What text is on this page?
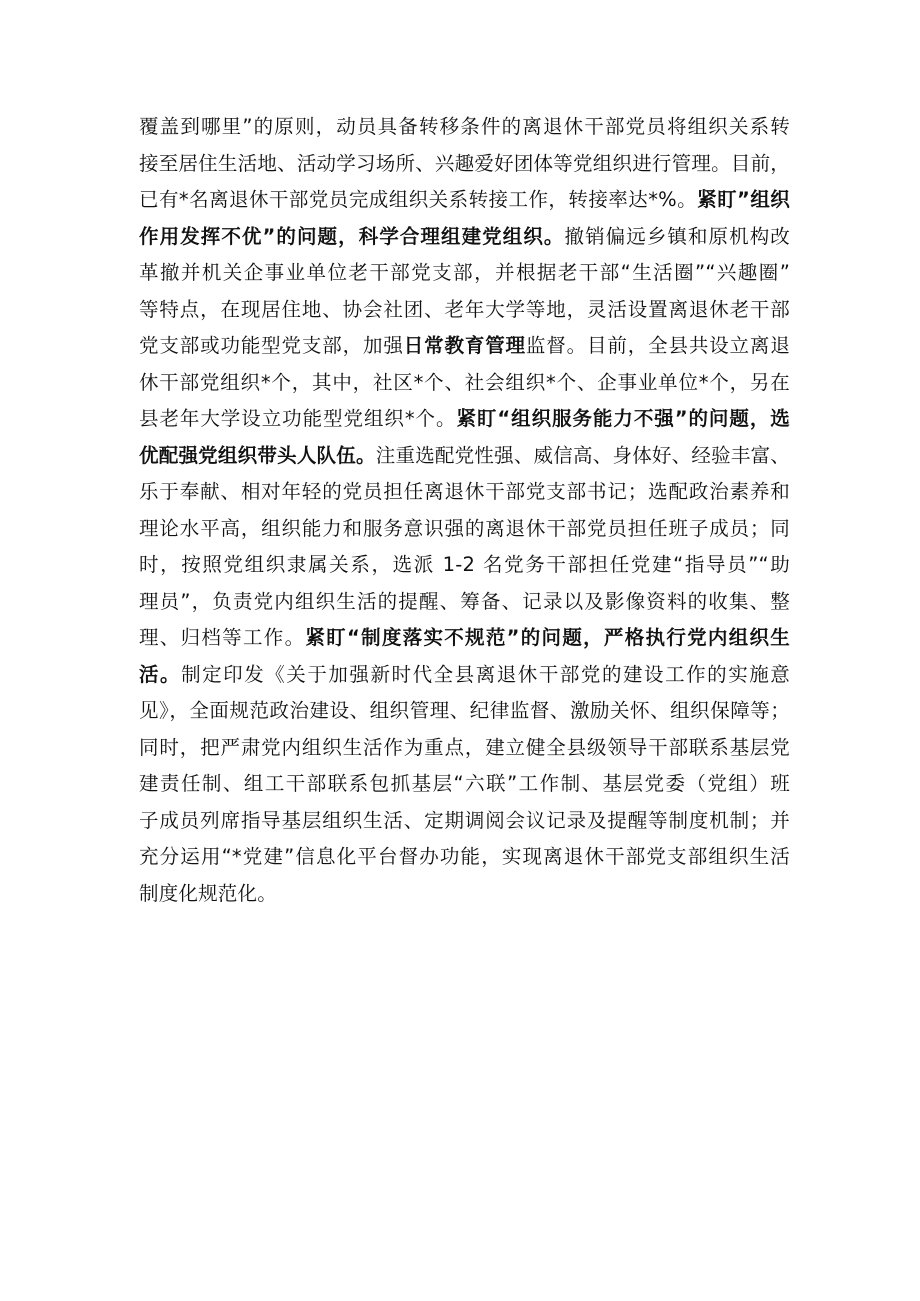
覆盖到哪里”的原则，动员具备转移条件的离退休干部党员将组织关系转
接至居住生活地、活动学习场所、兴趣爱好团体等党组织进行管理。目前，
已有*名离退休干部党员完成组织关系转接工作，转接率达*%。紧盯”组织
作用发挥不优”的问题，科学合理组建党组织。撤销偏远乡镇和原机构改
革撤并机关企事业单位老干部党支部，并根据老干部“生活圈”“兴趣圈”
等特点，在现居住地、协会社团、老年大学等地，灵活设置离退休老干部
党支部或功能型党支部，加强日常教育管理监督。目前，全县共设立离退
休干部党组织*个，其中，社区*个、社会组织*个、企事业单位*个，另在
县老年大学设立功能型党组织*个。紧盯“组织服务能力不强”的问题，选
优配强党组织带头人队伍。注重选配党性强、威信高、身体好、经验丰富、
乐于奉献、相对年轻的党员担任离退休干部党支部书记；选配政治素养和
理论水平高，组织能力和服务意识强的离退休干部党员担任班子成员；同
时，按照党组织隶属关系，选派 1-2 名党务干部担任党建“指导员”“助
理员”，负责党内组织生活的提醒、筹备、记录以及影像资料的收集、整
理、归档等工作。紧盯“制度落实不规范”的问题，严格执行党内组织生
活。制定印发《关于加强新时代全县离退休干部党的建设工作的实施意
见》，全面规范政治建设、组织管理、纪律监督、激励关怀、组织保障等；
同时，把严肃党内组织生活作为重点，建立健全县级领导干部联系基层党
建责任制、组工干部联系包抓基层“六联”工作制、基层党委（党组）班
子成员列席指导基层组织生活、定期调阅会议记录及提醒等制度机制；并
充分运用“*党建”信息化平台督办功能，实现离退休干部党支部组织生活
制度化规范化。
